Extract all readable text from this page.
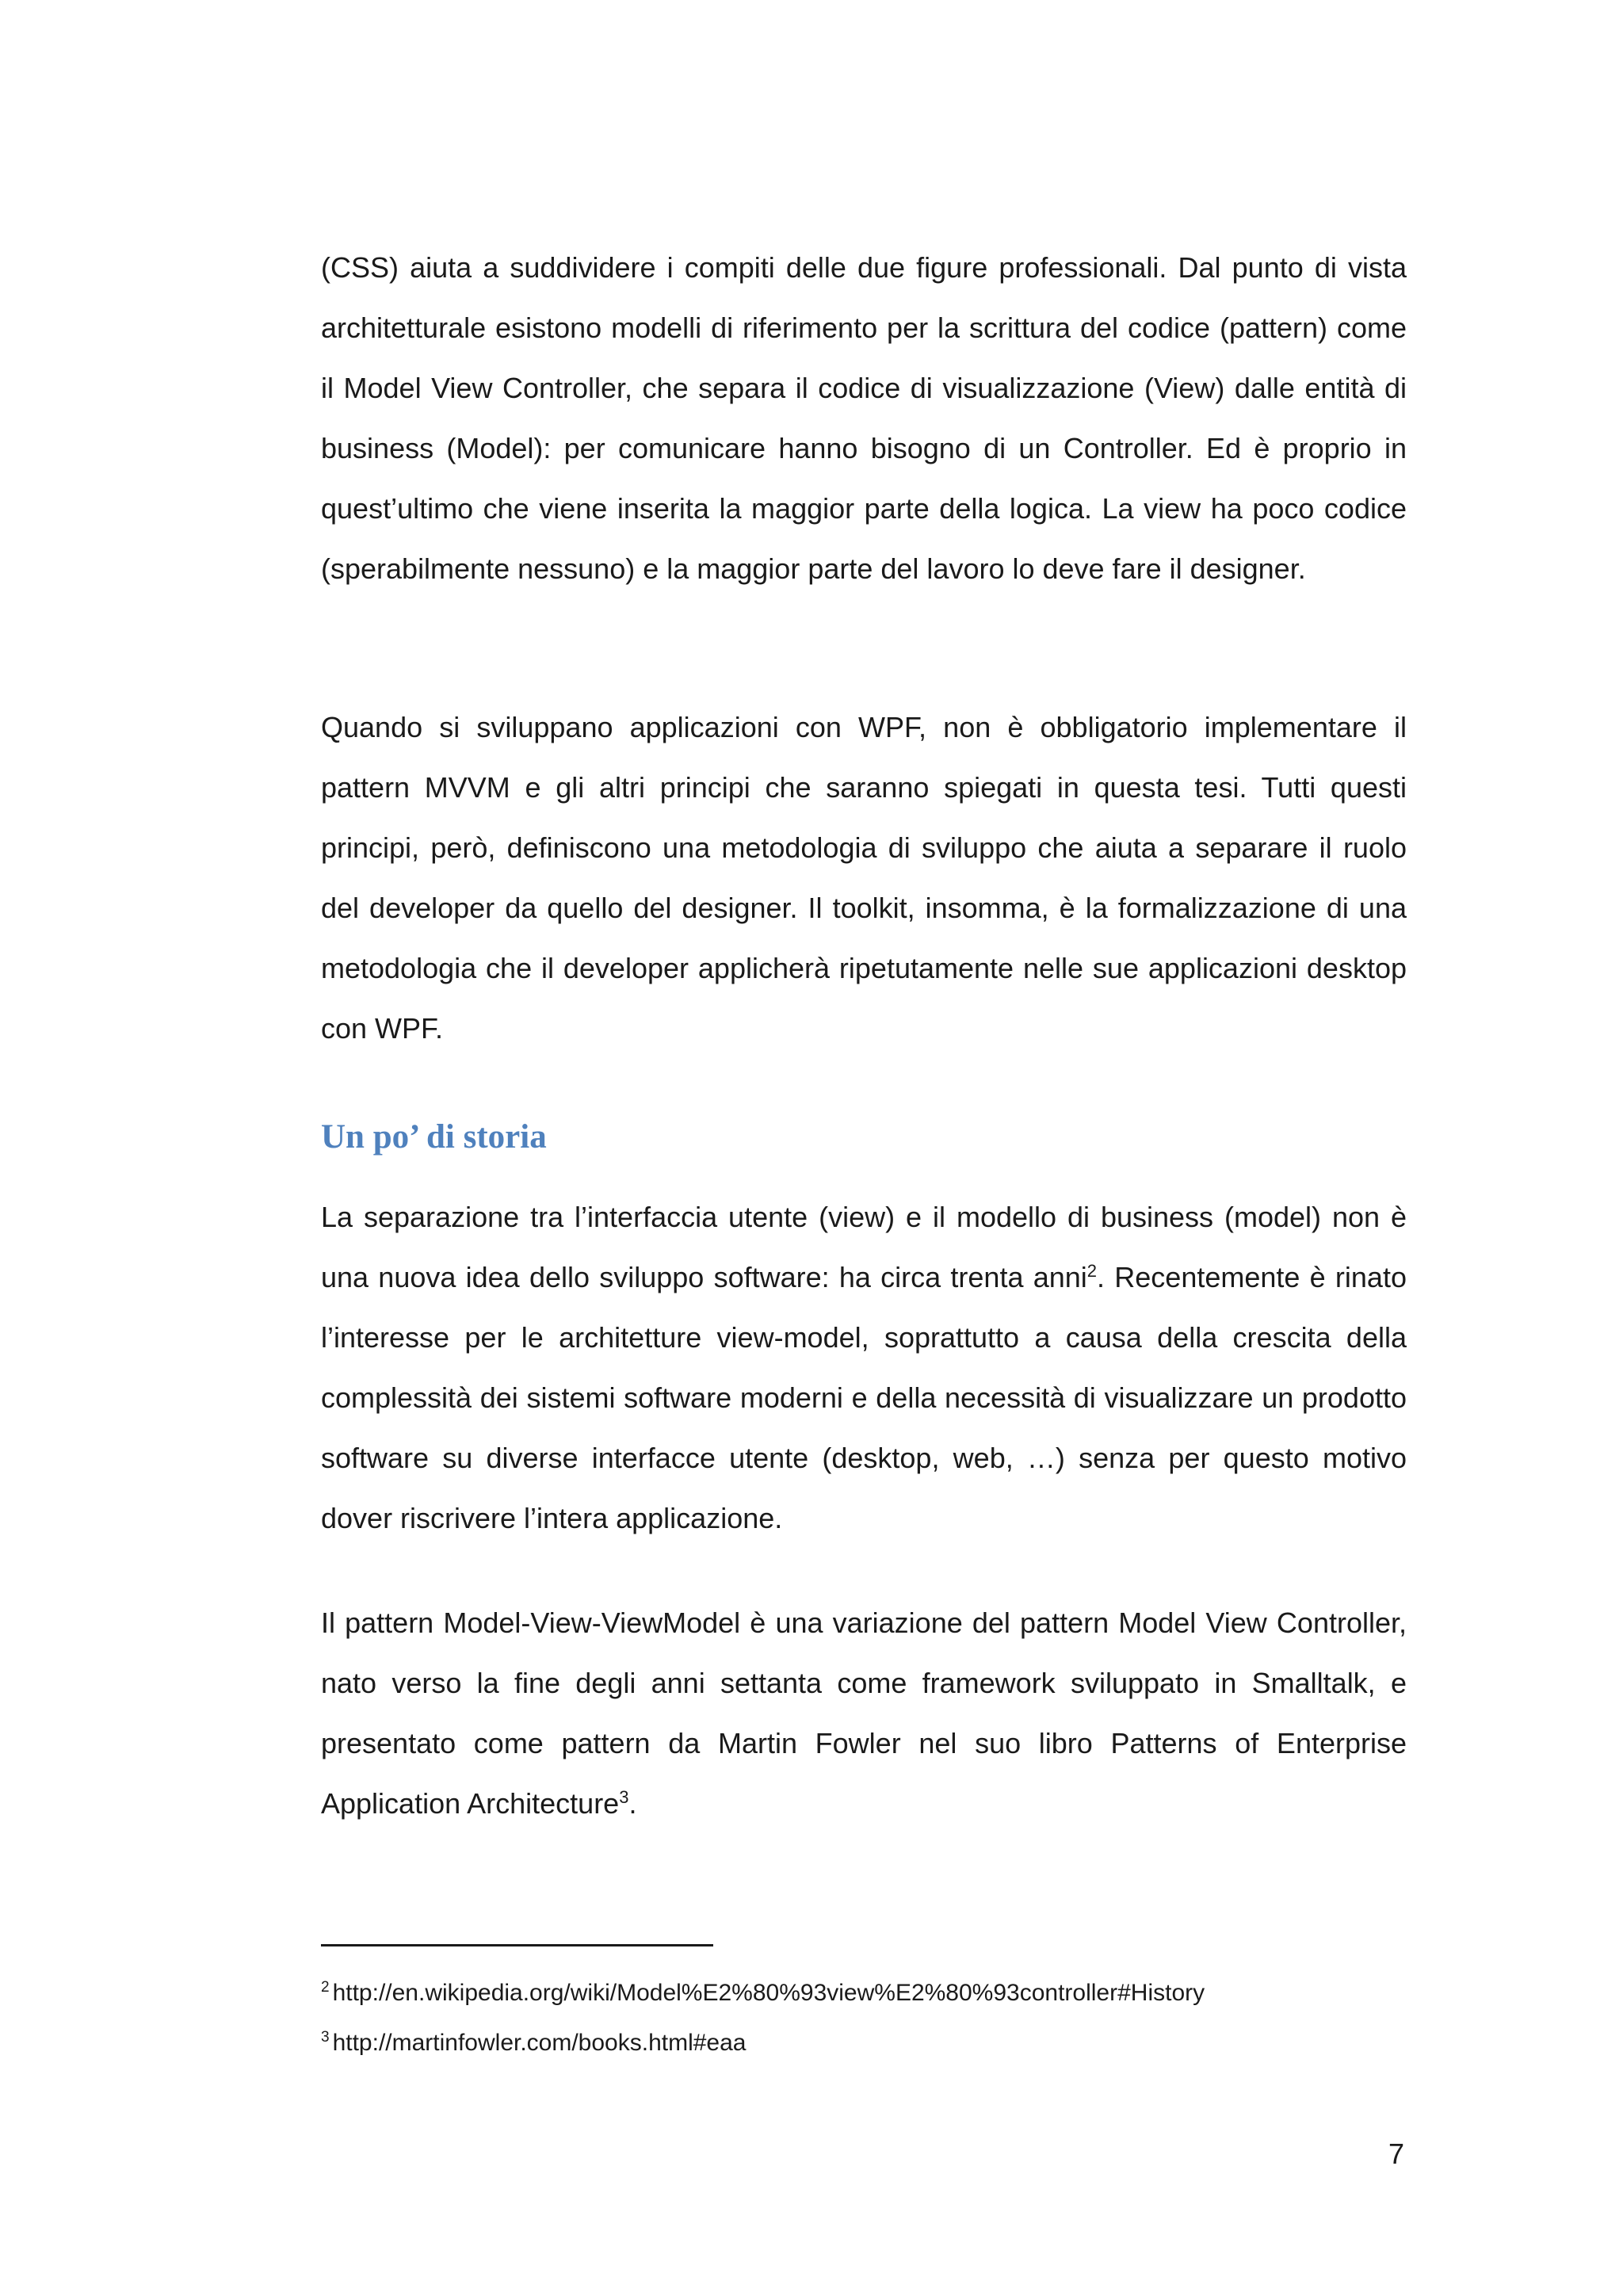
(CSS) aiuta a suddividere i compiti delle due figure professionali. Dal punto di vista architetturale esistono modelli di riferimento per la scrittura del codice (pattern) come il Model View Controller, che separa il codice di visualizzazione (View) dalle entità di business (Model): per comunicare hanno bisogno di un Controller. Ed è proprio in quest’ultimo che viene inserita la maggior parte della logica. La view ha poco codice (sperabilmente nessuno) e la maggior parte del lavoro lo deve fare il designer.

Quando si sviluppano applicazioni con WPF, non è obbligatorio implementare il pattern MVVM e gli altri principi che saranno spiegati in questa tesi. Tutti questi principi, però, definiscono una metodologia di sviluppo che aiuta a separare il ruolo del developer da quello del designer. Il toolkit, insomma, è la formalizzazione di una metodologia che il developer applicherà ripetutamente nelle sue applicazioni desktop con WPF.

Un po’ di storia

La separazione tra l’interfaccia utente (view) e il modello di business (model) non è una nuova idea dello sviluppo software: ha circa trenta anni$^2$. Recentemente è rinato l’interesse per le architetture view-model, soprattutto a causa della crescita della complessità dei sistemi software moderni e della necessità di visualizzare un prodotto software su diverse interfacce utente (desktop, web, …) senza per questo motivo dover riscrivere l’intera applicazione.

Il pattern Model-View-ViewModel è una variazione del pattern Model View Controller, nato verso la fine degli anni settanta come framework sviluppato in Smalltalk, e presentato come pattern da Martin Fowler nel suo libro Patterns of Enterprise Application Architecture$^3$.

$^2$ http://en.wikipedia.org/wiki/Model%E2%80%93view%E2%80%93controller#History

$^3$ http://martinfowler.com/books.html#eaa

7
